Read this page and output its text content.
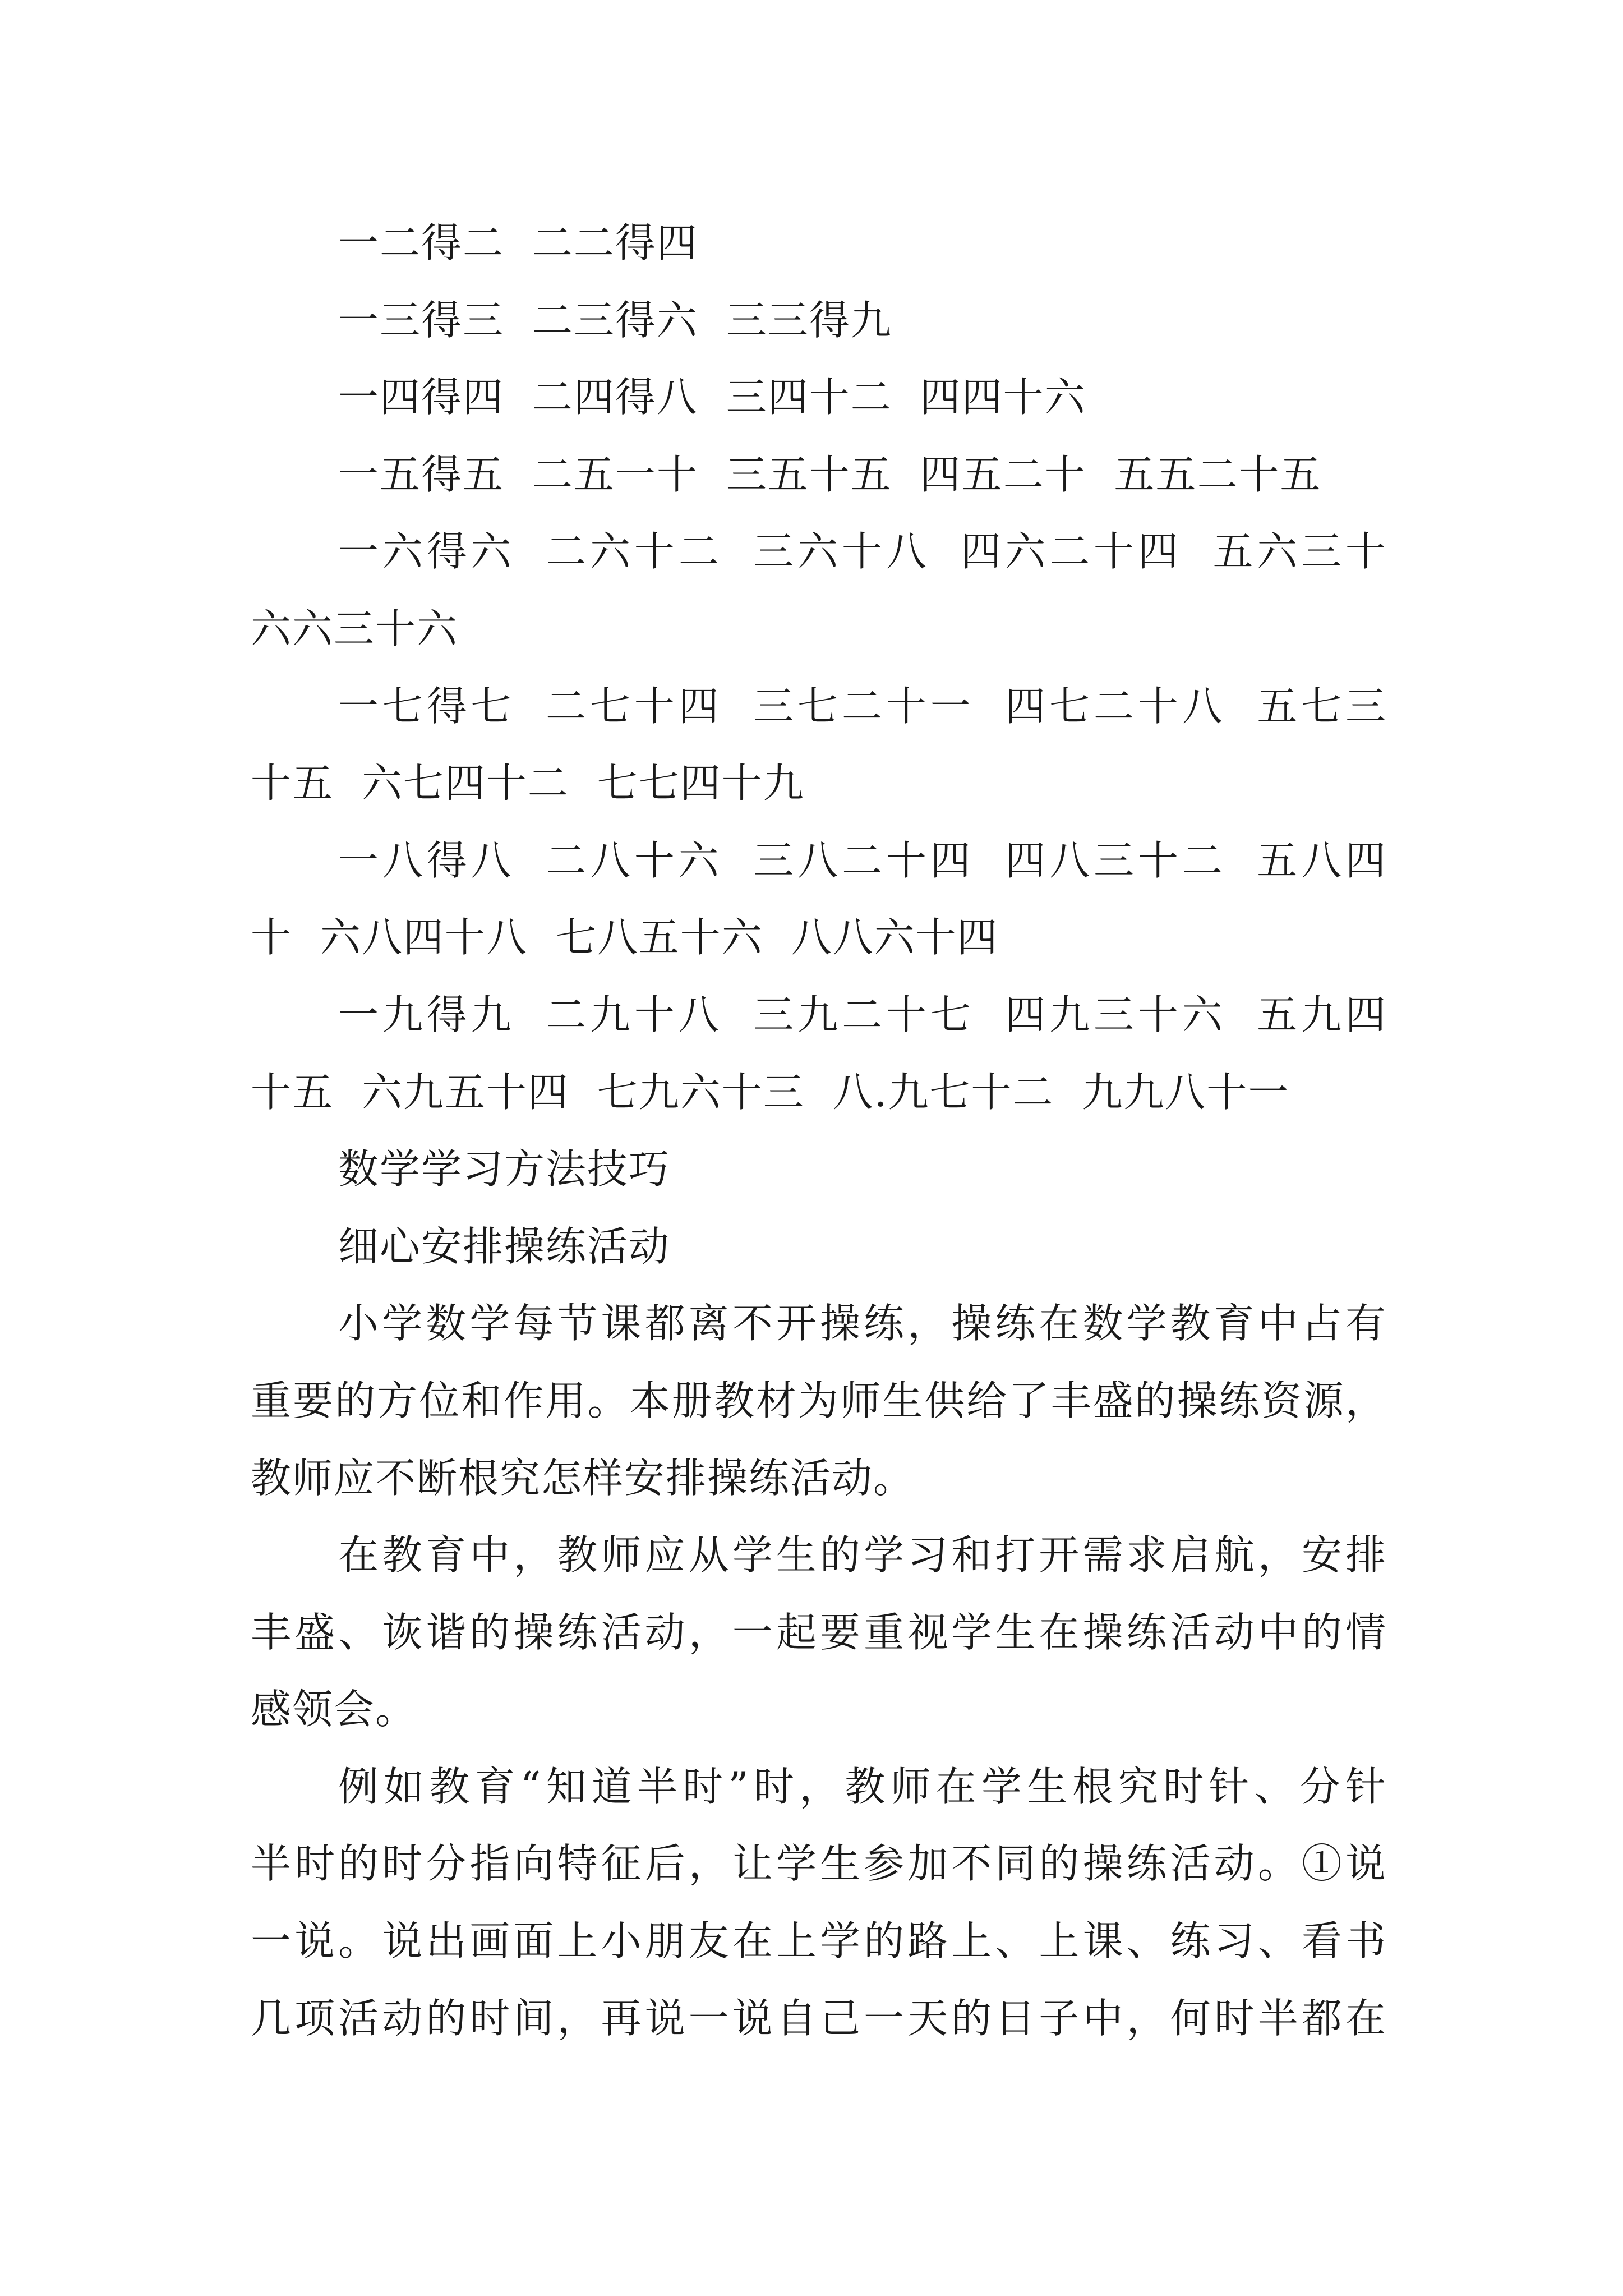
一二得二 二二得四
一三得三 二三得六 三三得九
一四得四 二四得八 三四十二 四四十六
一五得五 二五一十 三五十五 四五二十 五五二十五
一六得六 二六十二 三六十八 四六二十四 五六三十
六六三十六
一七得七 二七十四 三七二十一 四七二十八 五七三
十五 六七四十二 七七四十九
一八得八 二八十六 三八二十四 四八三十二 五八四
十 六八四十八 七八五十六 八八六十四
一九得九 二九十八 三九二十七 四九三十六 五九四
十五 六九五十四 七九六十三 八.九七十二 九九八十一
数学学习方法技巧
细心安排操练活动
小学数学每节课都离不开操练，操练在数学教育中占有
重要的方位和作用。本册教材为师生供给了丰盛的操练资源，
教师应不断根究怎样安排操练活动。
在教育中，教师应从学生的学习和打开需求启航，安排
丰盛、诙谐的操练活动，一起要重视学生在操练活动中的情
感领会。
例如教育“知道半时”时，教师在学生根究时针、分针
半时的时分指向特征后，让学生参加不同的操练活动。①说
一说。说出画面上小朋友在上学的路上、上课、练习、看书
几项活动的时间，再说一说自己一天的日子中，何时半都在
